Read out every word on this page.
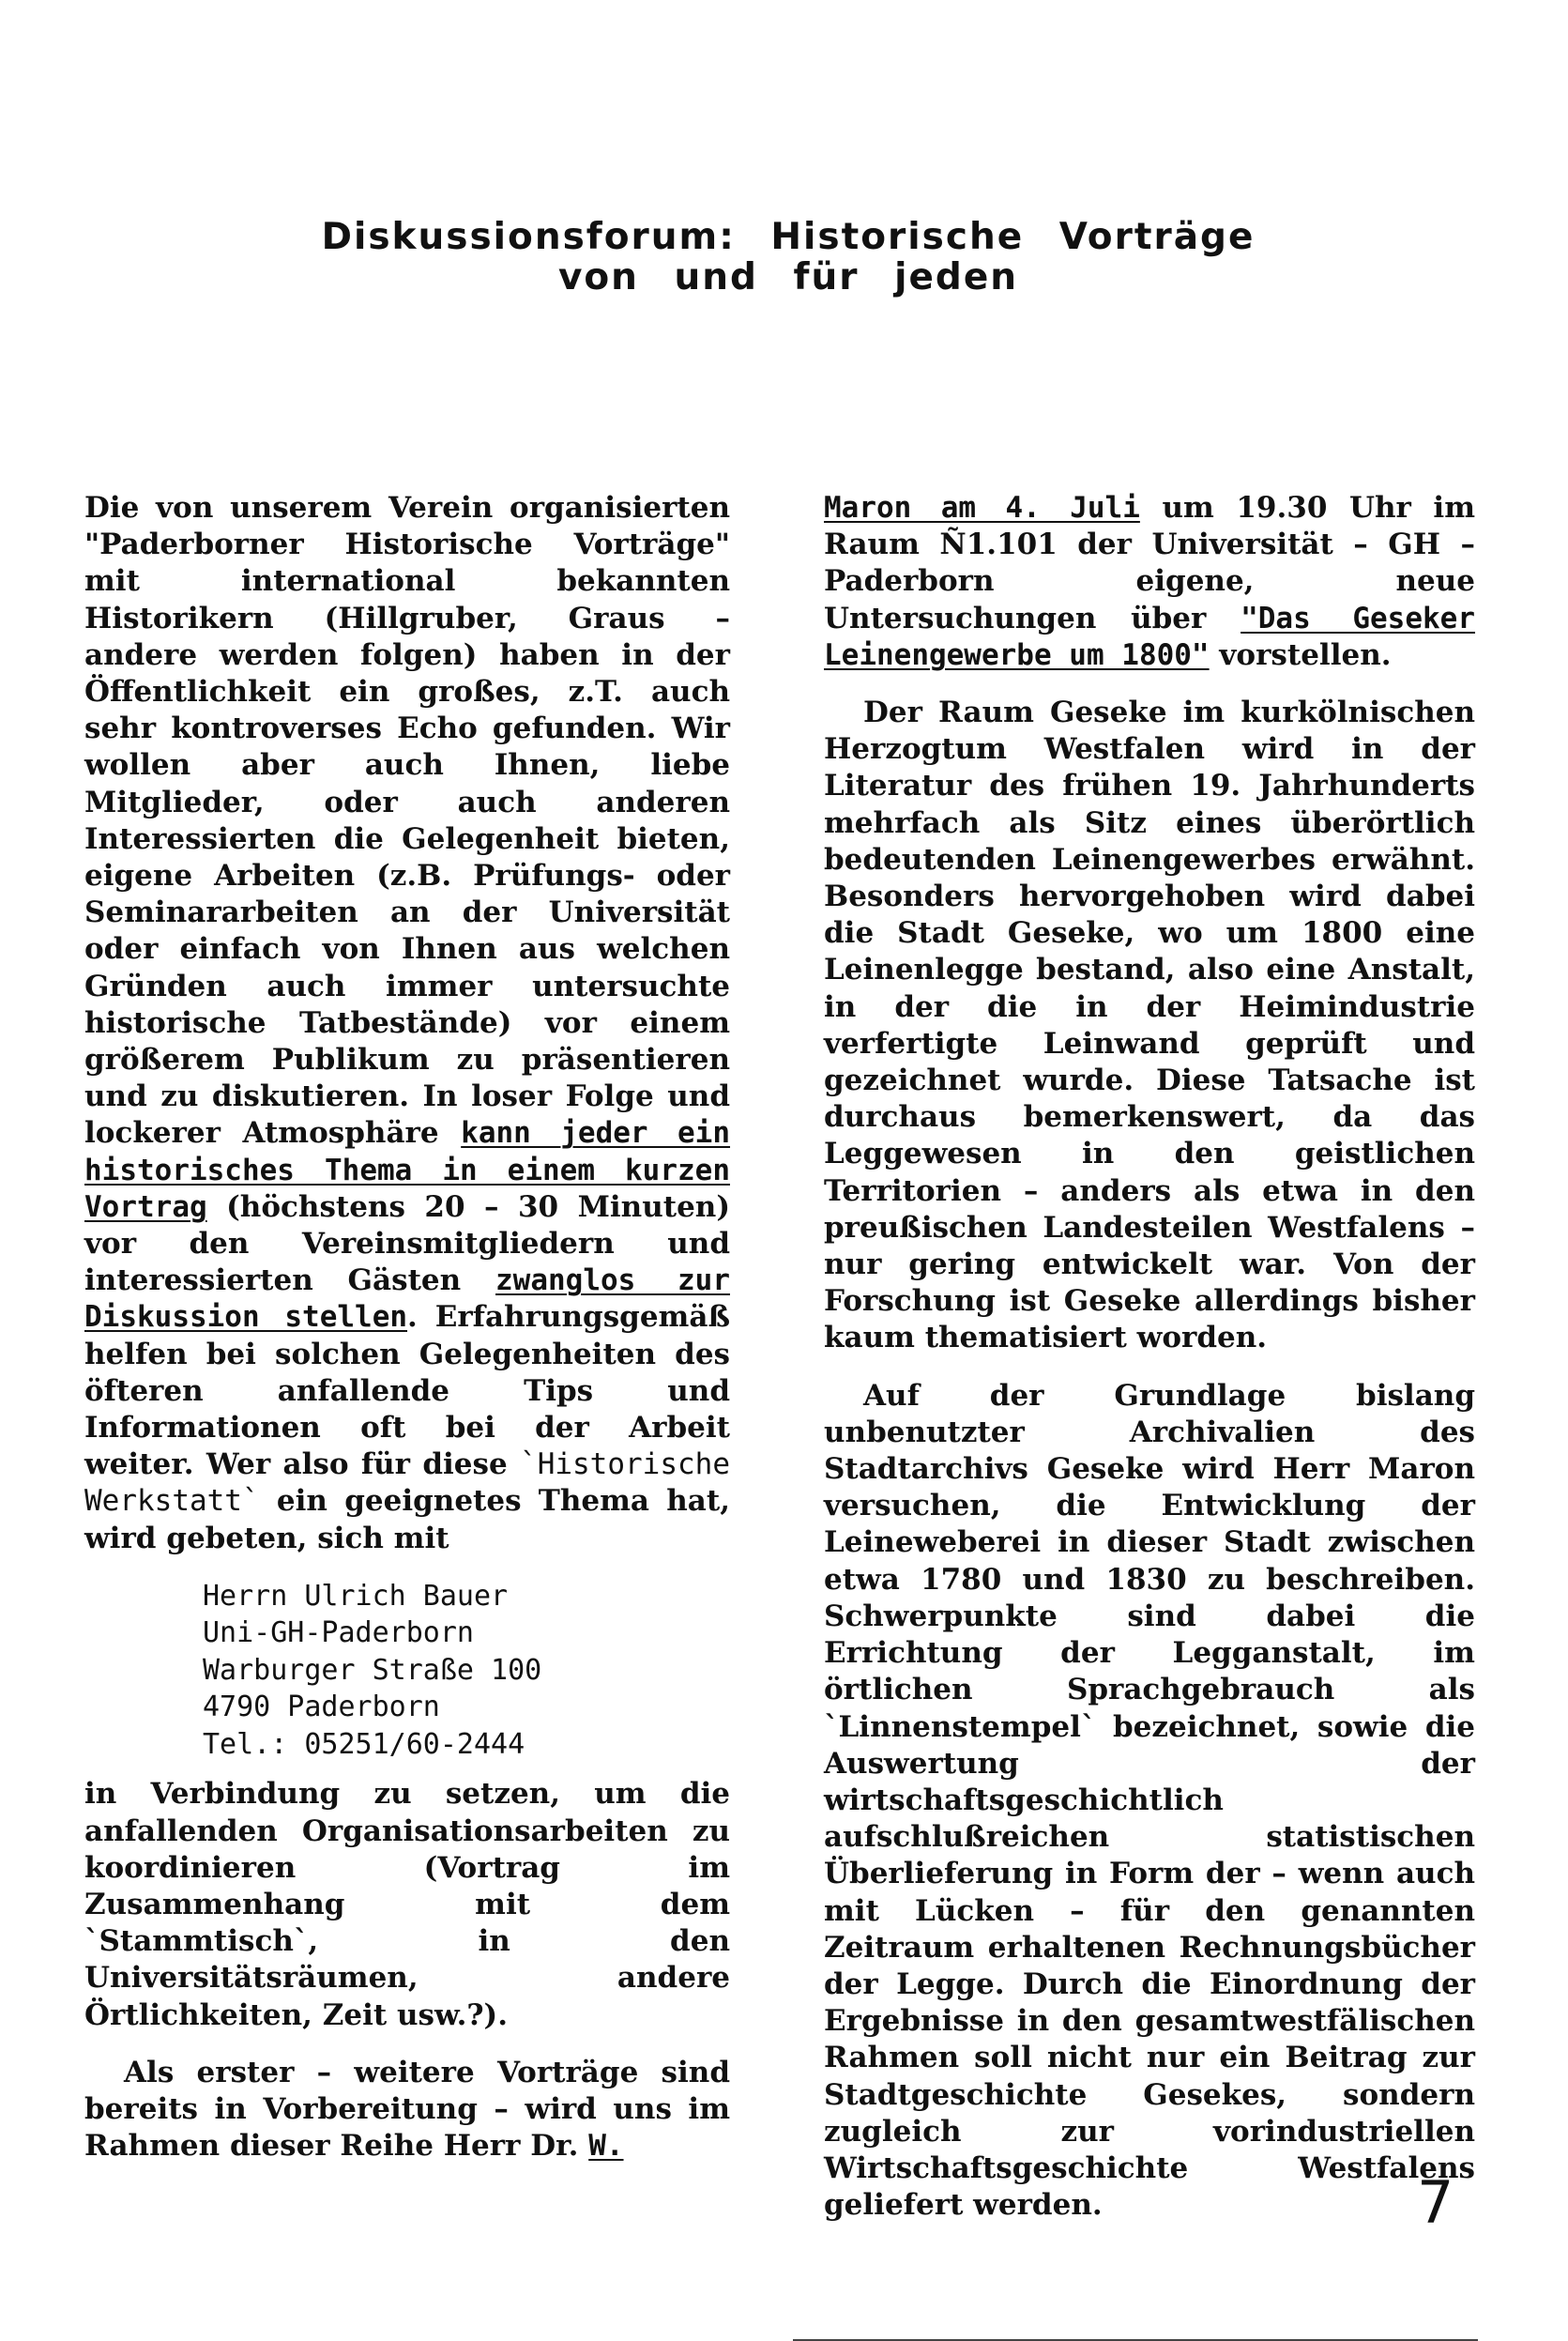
Diskussionsforum: Historische Vorträge
von und für jeden

Die von unserem Verein organisierten "Paderborner Historische Vorträge" mit international bekannten Historikern (Hillgruber, Graus – andere werden folgen) haben in der Öffentlichkeit ein großes, z.T. auch sehr kontroverses Echo gefunden. Wir wollen aber auch Ihnen, liebe Mitglieder, oder auch anderen Interessierten die Gelegenheit bieten, eigene Arbeiten (z.B. Prüfungs- oder Seminararbeiten an der Universität oder einfach von Ihnen aus welchen Gründen auch immer untersuchte historische Tatbestände) vor einem größerem Publikum zu präsentieren und zu diskutieren. In loser Folge und lockerer Atmosphäre kann jeder ein historisches Thema in einem kurzen Vortrag (höchstens 20 – 30 Minuten) vor den Vereinsmitgliedern und interessierten Gästen zwanglos zur Diskussion stellen. Erfahrungsgemäß helfen bei solchen Gelegenheiten des öfteren anfallende Tips und Informationen oft bei der Arbeit weiter. Wer also für diese `Historische Werkstatt` ein geeignetes Thema hat, wird gebeten, sich mit

Herrn Ulrich Bauer
Uni-GH-Paderborn
Warburger Straße 100
4790 Paderborn
Tel.: 05251/60-2444

in Verbindung zu setzen, um die anfallenden Organisationsarbeiten zu koordinieren (Vortrag im Zusammenhang mit dem `Stammtisch`, in den Universitätsräumen, andere Örtlichkeiten, Zeit usw.?).

Als erster – weitere Vorträge sind bereits in Vorbereitung – wird uns im Rahmen dieser Reihe Herr Dr. W.

Maron am 4. Juli um 19.30 Uhr im Raum Ñ1.101 der Universität – GH – Paderborn eigene, neue Untersuchungen über "Das Geseker Leinengewerbe um 1800" vorstellen.

Der Raum Geseke im kurkölnischen Herzogtum Westfalen wird in der Literatur des frühen 19. Jahrhunderts mehrfach als Sitz eines überörtlich bedeutenden Leinengewerbes erwähnt. Besonders hervorgehoben wird dabei die Stadt Geseke, wo um 1800 eine Leinenlegge bestand, also eine Anstalt, in der die in der Heimindustrie verfertigte Leinwand geprüft und gezeichnet wurde. Diese Tatsache ist durchaus bemerkenswert, da das Leggewesen in den geistlichen Territorien – anders als etwa in den preußischen Landesteilen Westfalens – nur gering entwickelt war. Von der Forschung ist Geseke allerdings bisher kaum thematisiert worden.

Auf der Grundlage bislang unbenutzter Archivalien des Stadtarchivs Geseke wird Herr Maron versuchen, die Entwicklung der Leineweberei in dieser Stadt zwischen etwa 1780 und 1830 zu beschreiben. Schwerpunkte sind dabei die Errichtung der Legganstalt, im örtlichen Sprachgebrauch als `Linnenstempel` bezeichnet, sowie die Auswertung der wirtschaftsgeschichtlich aufschlußreichen statistischen Überlieferung in Form der – wenn auch mit Lücken – für den genannten Zeitraum erhaltenen Rechnungsbücher der Legge. Durch die Einordnung der Ergebnisse in den gesamtwestfälischen Rahmen soll nicht nur ein Beitrag zur Stadtgeschichte Gesekes, sondern zugleich zur vorindustriellen Wirtschaftsgeschichte Westfalens geliefert werden.	7
